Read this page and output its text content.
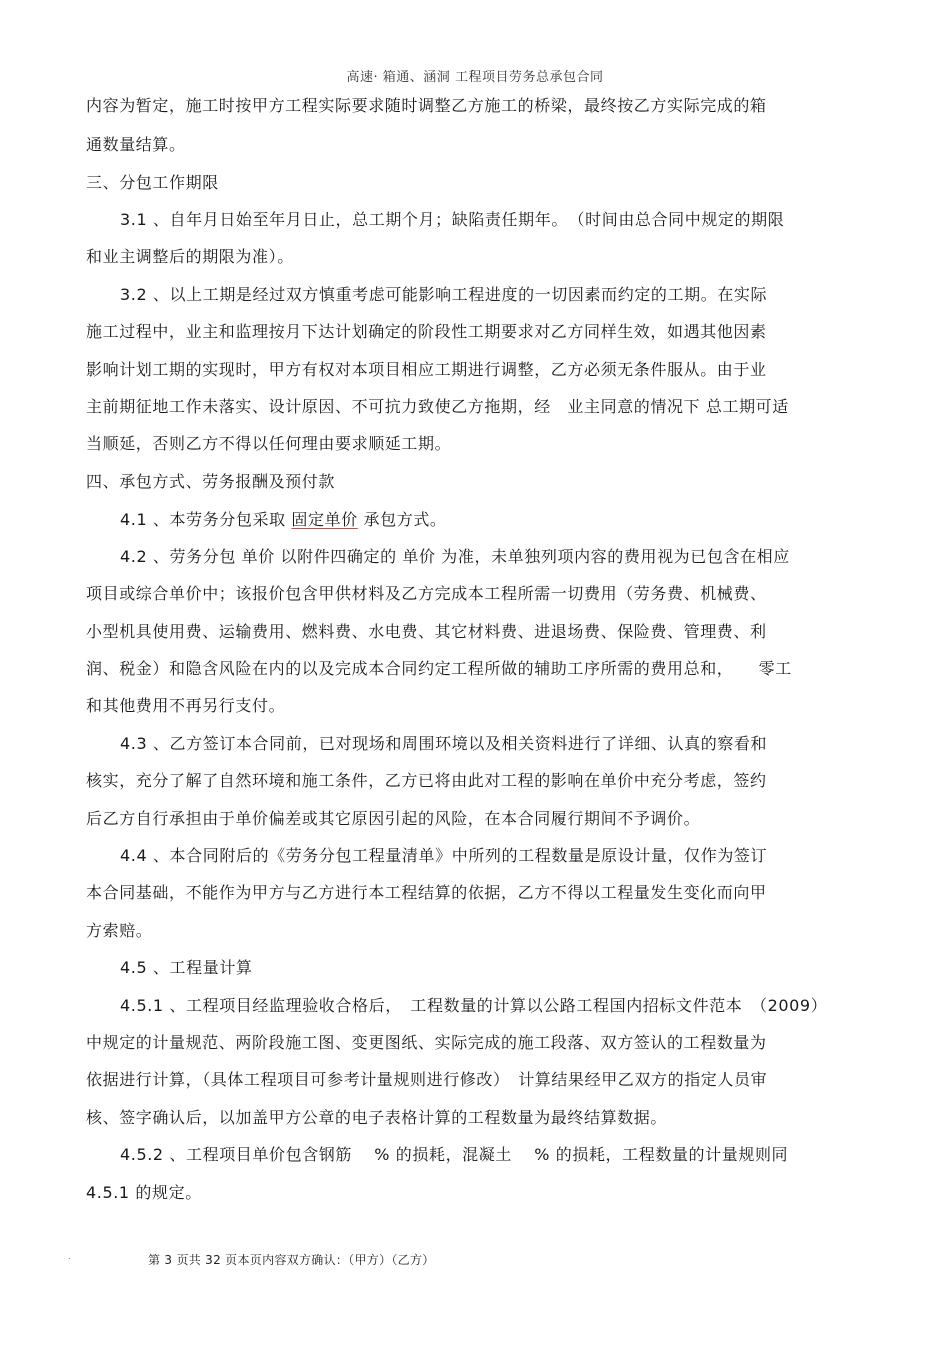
高速· 箱通、涵洞 工程项目劳务总承包合同
内容为暂定，施工时按甲方工程实际要求随时调整乙方施工的桥梁，最终按乙方实际完成的箱
通数量结算。
三、分包工作期限
3.1 、自年月日始至年月日止，总工期个月；缺陷责任期年。　（时间由总合同中规定的期限
和业主调整后的期限为准）。
3.2 、以上工期是经过双方慎重考虑可能影响工程进度的一切因素而约定的工期。在实际
施工过程中，业主和监理按月下达计划确定的阶段性工期要求对乙方同样生效，如遇其他因素
影响计划工期的实现时，甲方有权对本项目相应工期进行调整，乙方必须无条件服从。由于业
主前期征地工作未落实、设计原因、不可抗力致使乙方拖期，经　业主同意的情况下 总工期可适
当顺延，否则乙方不得以任何理由要求顺延工期。
四、承包方式、劳务报酬及预付款
4.1 、本劳务分包采取 固定单价 承包方式。
4.2 、劳务分包 单价 以附件四确定的 单价 为准，未单独列项内容的费用视为已包含在相应
项目或综合单价中；该报价包含甲供材料及乙方完成本工程所需一切费用（劳务费、机械费、
小型机具使用费、运输费用、燃料费、水电费、其它材料费、进退场费、保险费、管理费、利
润、税金）和隐含风险在内的以及完成本合同约定工程所做的辅助工序所需的费用总和，　　零工
和其他费用不再另行支付。
4.3 、乙方签订本合同前，已对现场和周围环境以及相关资料进行了详细、认真的察看和
核实，充分了解了自然环境和施工条件，乙方已将由此对工程的影响在单价中充分考虑，签约
后乙方自行承担由于单价偏差或其它原因引起的风险，在本合同履行期间不予调价。
4.4 、本合同附后的《劳务分包工程量清单》中所列的工程数量是原设计量，仅作为签订
本合同基础，不能作为甲方与乙方进行本工程结算的依据，乙方不得以工程量发生变化而向甲
方索赔。
4.5 、工程量计算
4.5.1 、工程项目经监理验收合格后，　工程数量的计算以公路工程国内招标文件范本　（2009）
中规定的计量规范、两阶段施工图、变更图纸、实际完成的施工段落、双方签认的工程数量为
依据进行计算，（具体工程项目可参考计量规则进行修改）　计算结果经甲乙双方的指定人员审
核、签字确认后，以加盖甲方公章的电子表格计算的工程数量为最终结算数据。
4.5.2 、工程项目单价包含钢筋　 % 的损耗，混凝土　 % 的损耗，工程数量的计量规则同
4.5.1 的规定。
.	第 3 页共 32 页本页内容双方确认：（甲方）（乙方）
